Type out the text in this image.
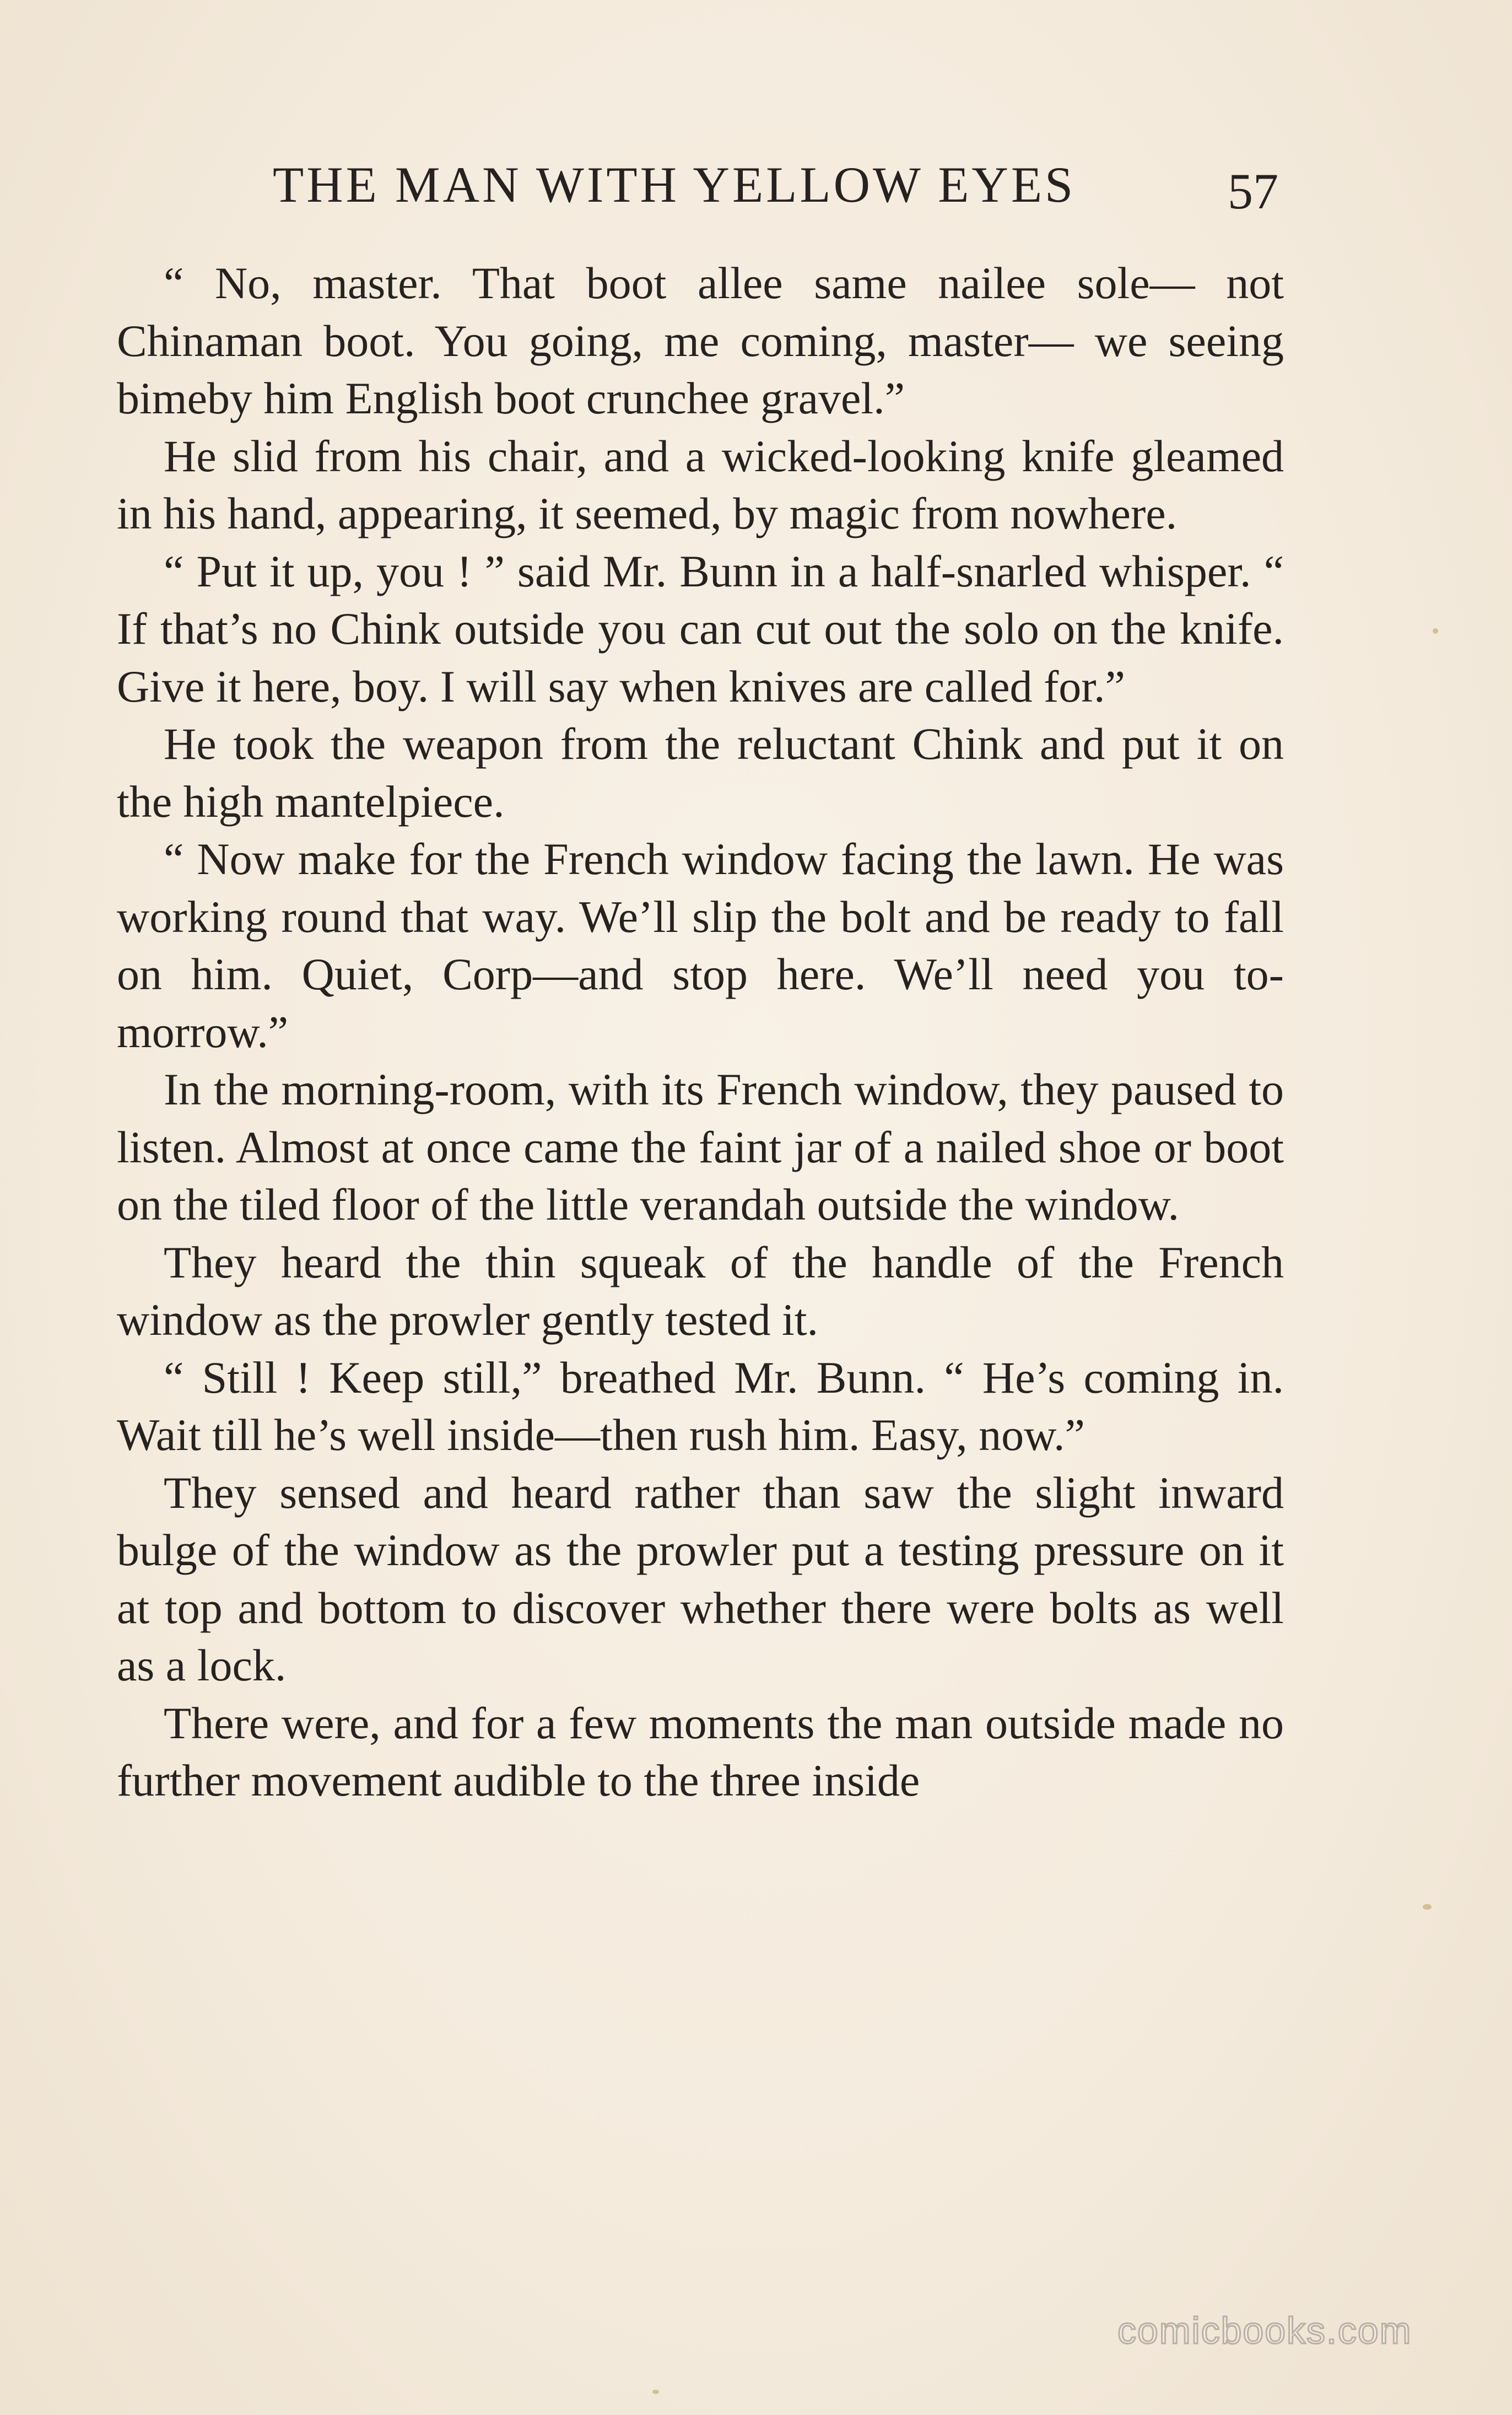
THE MAN WITH YELLOW EYES	57

“ No, master. That boot allee same nailee sole— not Chinaman boot. You going, me coming, master— we seeing bimeby him English boot crunchee gravel.”

He slid from his chair, and a wicked-looking knife gleamed in his hand, appearing, it seemed, by magic from nowhere.

“ Put it up, you ! ” said Mr. Bunn in a half-snarled whisper. “ If that’s no Chink outside you can cut out the solo on the knife. Give it here, boy. I will say when knives are called for.”

He took the weapon from the reluctant Chink and put it on the high mantelpiece.

“ Now make for the French window facing the lawn. He was working round that way. We’ll slip the bolt and be ready to fall on him. Quiet, Corp—and stop here. We’ll need you to-morrow.”

In the morning-room, with its French window, they paused to listen. Almost at once came the faint jar of a nailed shoe or boot on the tiled floor of the little verandah outside the window.

They heard the thin squeak of the handle of the French window as the prowler gently tested it.

“ Still ! Keep still,” breathed Mr. Bunn. “ He’s coming in. Wait till he’s well inside—then rush him. Easy, now.”

They sensed and heard rather than saw the slight inward bulge of the window as the prowler put a testing pressure on it at top and bottom to discover whether there were bolts as well as a lock.

There were, and for a few moments the man outside made no further movement audible to the three inside

comicbooks.com
